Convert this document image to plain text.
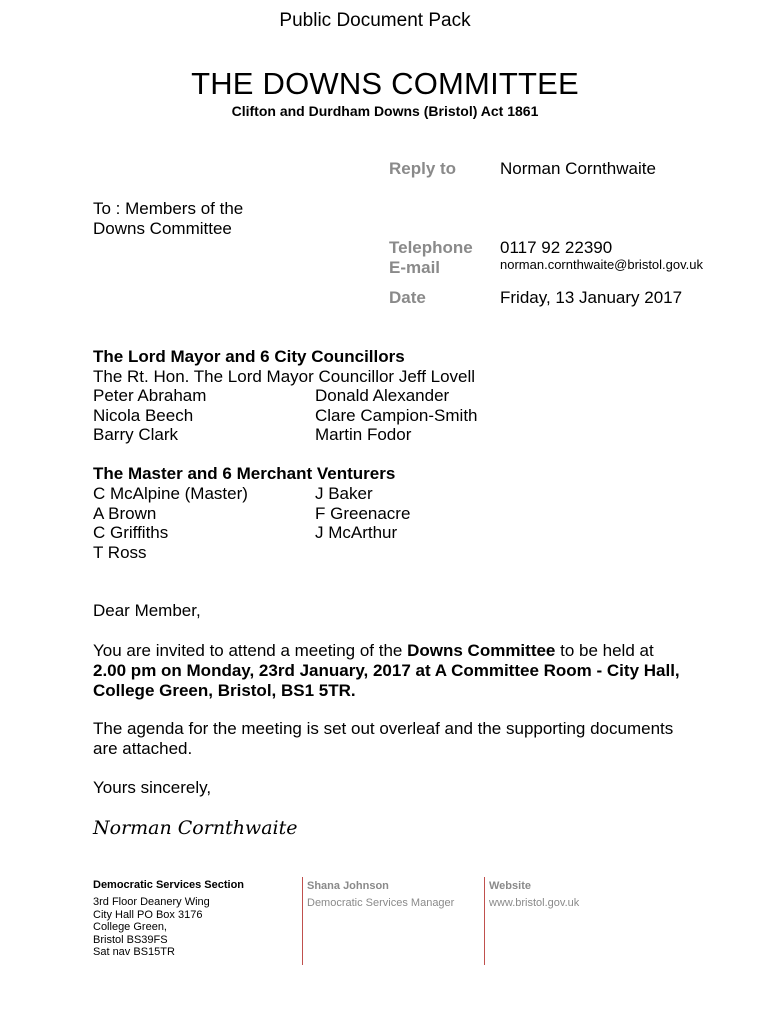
Public Document Pack
THE DOWNS COMMITTEE
Clifton and Durdham Downs (Bristol) Act 1861
Reply to	Norman Cornthwaite
To : Members of the
Downs Committee
Telephone 0117 92 22390
E-mail	norman.cornthwaite@bristol.gov.uk
Date	Friday, 13 January 2017
The Lord Mayor and 6 City Councillors
The Rt. Hon. The Lord Mayor Councillor Jeff Lovell
Peter Abraham	Donald Alexander
Nicola Beech	Clare Campion-Smith
Barry Clark	Martin Fodor
The Master and 6 Merchant Venturers
C McAlpine (Master)	J Baker
A Brown	F Greenacre
C Griffiths	J McArthur
T Ross
Dear Member,
You are invited to attend a meeting of the Downs Committee to be held at 2.00 pm on Monday, 23rd January, 2017 at A Committee Room - City Hall, College Green, Bristol, BS1 5TR.
The agenda for the meeting is set out overleaf and the supporting documents are attached.
Yours sincerely,
Norman Cornthwaite
Democratic Services Section
3rd Floor Deanery Wing
City Hall PO Box 3176
College Green,
Bristol BS39FS
Sat nav BS15TR
Shana Johnson
Democratic Services Manager
Website
www.bristol.gov.uk
